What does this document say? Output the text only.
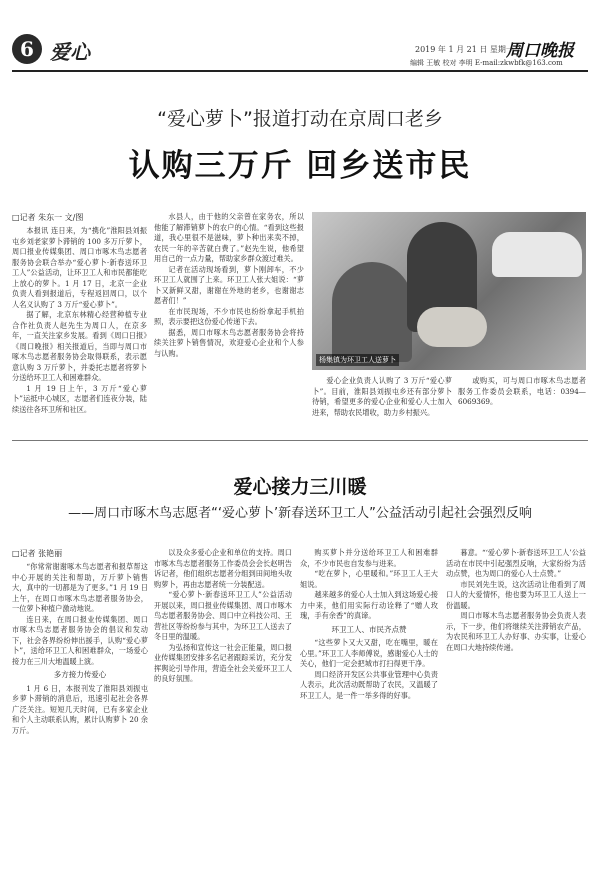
6 爱心	2019 年 1 月 21 日 星期一
周口晚报
编辑 王敏 校对 李明 E-mail:zkwbfk@163.com
“爱心萝卜”报道打动在京周口老乡
认购三万斤 回乡送市民
□记者 朱东一 文/图

本报讯 连日来，为“携化”淮阳县刘振屯乡刘老家萝卜滞销的 100 多万斤萝卜，周口报业传媒集团、周口市啄木鸟志愿者服务协会联合举办“爱心萝卜·新春送环卫工人”公益活动，让环卫工人和市民都能吃上放心的萝卜。1 月 17 日，北京一企业负责人看到报道后，专程返回周口，以个人名义认购了 3 万斤“爱心萝卜”。

据了解，北京东林精心经营种植专业合作社负责人赵先生为周口人，在京多年，一直关注家乡发展。看到《周口日报》《周口晚报》相关报道后，当即与周口市啄木鸟志愿者服务协会取得联系，表示愿意认购 3 万斤萝卜，并委托志愿者将萝卜分送给环卫工人和困难群众。

1 月 19 日上午，3 万斤“爱心萝卜”运抵中心城区，志愿者们连夜分装，陆续送往各环卫所和社区。

水县人，由于他的父亲曾在家务农，所以他能了解滞销萝卜的农户的心情。“看到这些报道，我心里很不是滋味，萝卜种出来卖不掉，农民一年的辛苦就白费了。”赵先生说，他希望用自己的一点力量，帮助家乡群众渡过难关。

记者在活动现场看到，萝卜刚卸车，不少环卫工人就围了上来。环卫工人张大姐说：“萝卜又新鲜又甜，谢谢在外地的老乡，也谢谢志愿者们！”

在市民现场，不少市民也纷纷拿起手机拍照，表示要把这份爱心传递下去。

据悉，周口市啄木鸟志愿者服务协会将持续关注萝卜销售情况，欢迎爱心企业和个人参与认购。

杨集镇为环卫工人送萝卜

爱心企业负责人认购了 3 万斤“爱心萝卜”。目前，淮阳县刘振屯乡还有部分萝卜待销，希望更多的爱心企业和爱心人士加入进来，帮助农民增收，助力乡村振兴。

或购买，可与周口市啄木鸟志愿者服务工作委员会联系，电话：0394—6069369。

爱心接力三川暖
——周口市啄木鸟志愿者“‘爱心萝卜’新春送环卫工人”公益活动引起社会强烈反响
□记者 张艳丽

“你常常谢谢啄木鸟志愿者和报草帮这中心开展的关注和帮助，万斤萝卜销售大，真中的一切都是为了更多。”1 月 19 日上午，在周口市啄木鸟志愿者服务协会，一位萝卜种植户激动地说。

连日来，在周口报业传媒集团、周口市啄木鸟志愿者服务协会的倡议和发动下，社会各界纷纷伸出援手，认购“爱心萝卜”，送给环卫工人和困难群众，一场爱心接力在三川大地温暖上演。

多方接力传爱心

1 月 6 日，本报刊发了淮阳县刘振屯乡萝卜滞销的消息后，迅速引起社会各界广泛关注。短短几天时间，已有多家企业和个人主动联系认购，累计认购萝卜 20 余万斤。

以及众多爱心企业和单位的支持。周口市啄木鸟志愿者服务工作委员会会长赵明告诉记者，他们组织志愿者分组到田间地头收购萝卜，再由志愿者统一分装配送。

“爱心萝卜·新春送环卫工人”公益活动开展以来，周口报业传媒集团、周口市啄木鸟志愿者服务协会、周口中立科技公司、王营社区等纷纷参与其中，为环卫工人送去了冬日里的温暖。

为弘扬和宣传这一社会正能量，周口报业传媒集团安排多名记者跟踪采访，充分发挥舆论引导作用，营造全社会关爱环卫工人的良好氛围。

购买萝卜并分送给环卫工人和困难群众，不少市民也自发参与进来。

“吃在萝卜，心里暖和。”环卫工人王大姐说。

越来越多的爱心人士加入到这场爱心接力中来，他们用实际行动诠释了“赠人玫瑰，手有余香”的真谛。

环卫工人、市民齐点赞

“这些萝卜又大又甜，吃在嘴里，暖在心里。”环卫工人李师傅说，感谢爱心人士的关心，他们一定会把城市打扫得更干净。

周口经济开发区公共事业管理中心负责人表示，此次活动既帮助了农民，又温暖了环卫工人，是一件一举多得的好事。

暮意。“‘爱心萝卜·新春送环卫工人’公益活动在市民中引起强烈反响，大家纷纷为活动点赞，也为周口的爱心人士点赞。”

市民刘先生说，这次活动让他看到了周口人的大爱情怀，他也要为环卫工人送上一份温暖。

周口市啄木鸟志愿者服务协会负责人表示，下一步，他们将继续关注滞销农产品，为农民和环卫工人办好事、办实事，让爱心在周口大地持续传递。
